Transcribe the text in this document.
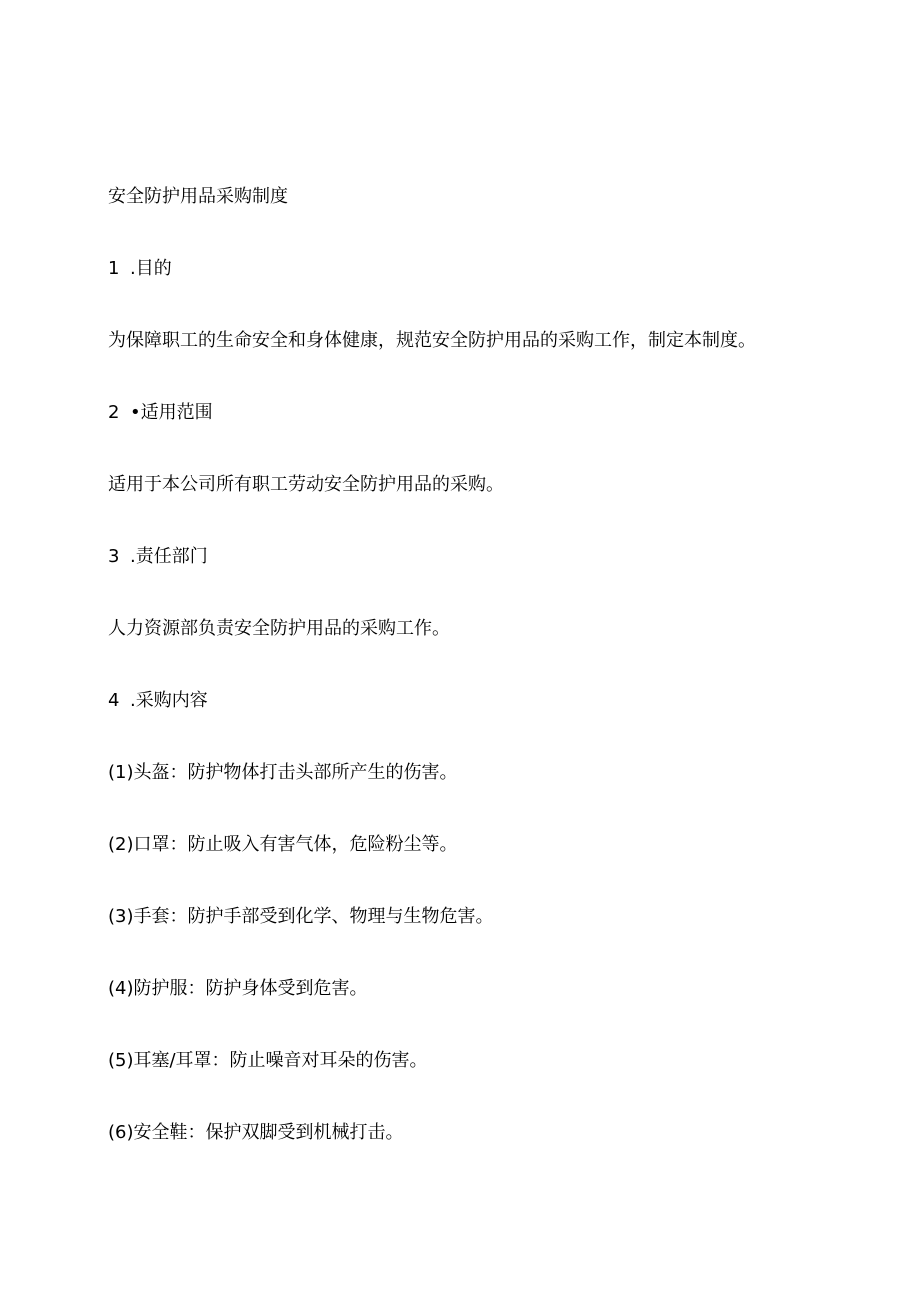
安全防护用品采购制度
1 .目的
为保障职工的生命安全和身体健康，规范安全防护用品的采购工作，制定本制度。
2 •适用范围
适用于本公司所有职工劳动安全防护用品的采购。
3 .责任部门
人力资源部负责安全防护用品的采购工作。
4 .采购内容
(1)头盔：防护物体打击头部所产生的伤害。
(2)口罩：防止吸入有害气体，危险粉尘等。
(3)手套：防护手部受到化学、物理与生物危害。
(4)防护服：防护身体受到危害。
(5)耳塞/耳罩：防止噪音对耳朵的伤害。
(6)安全鞋：保护双脚受到机械打击。
